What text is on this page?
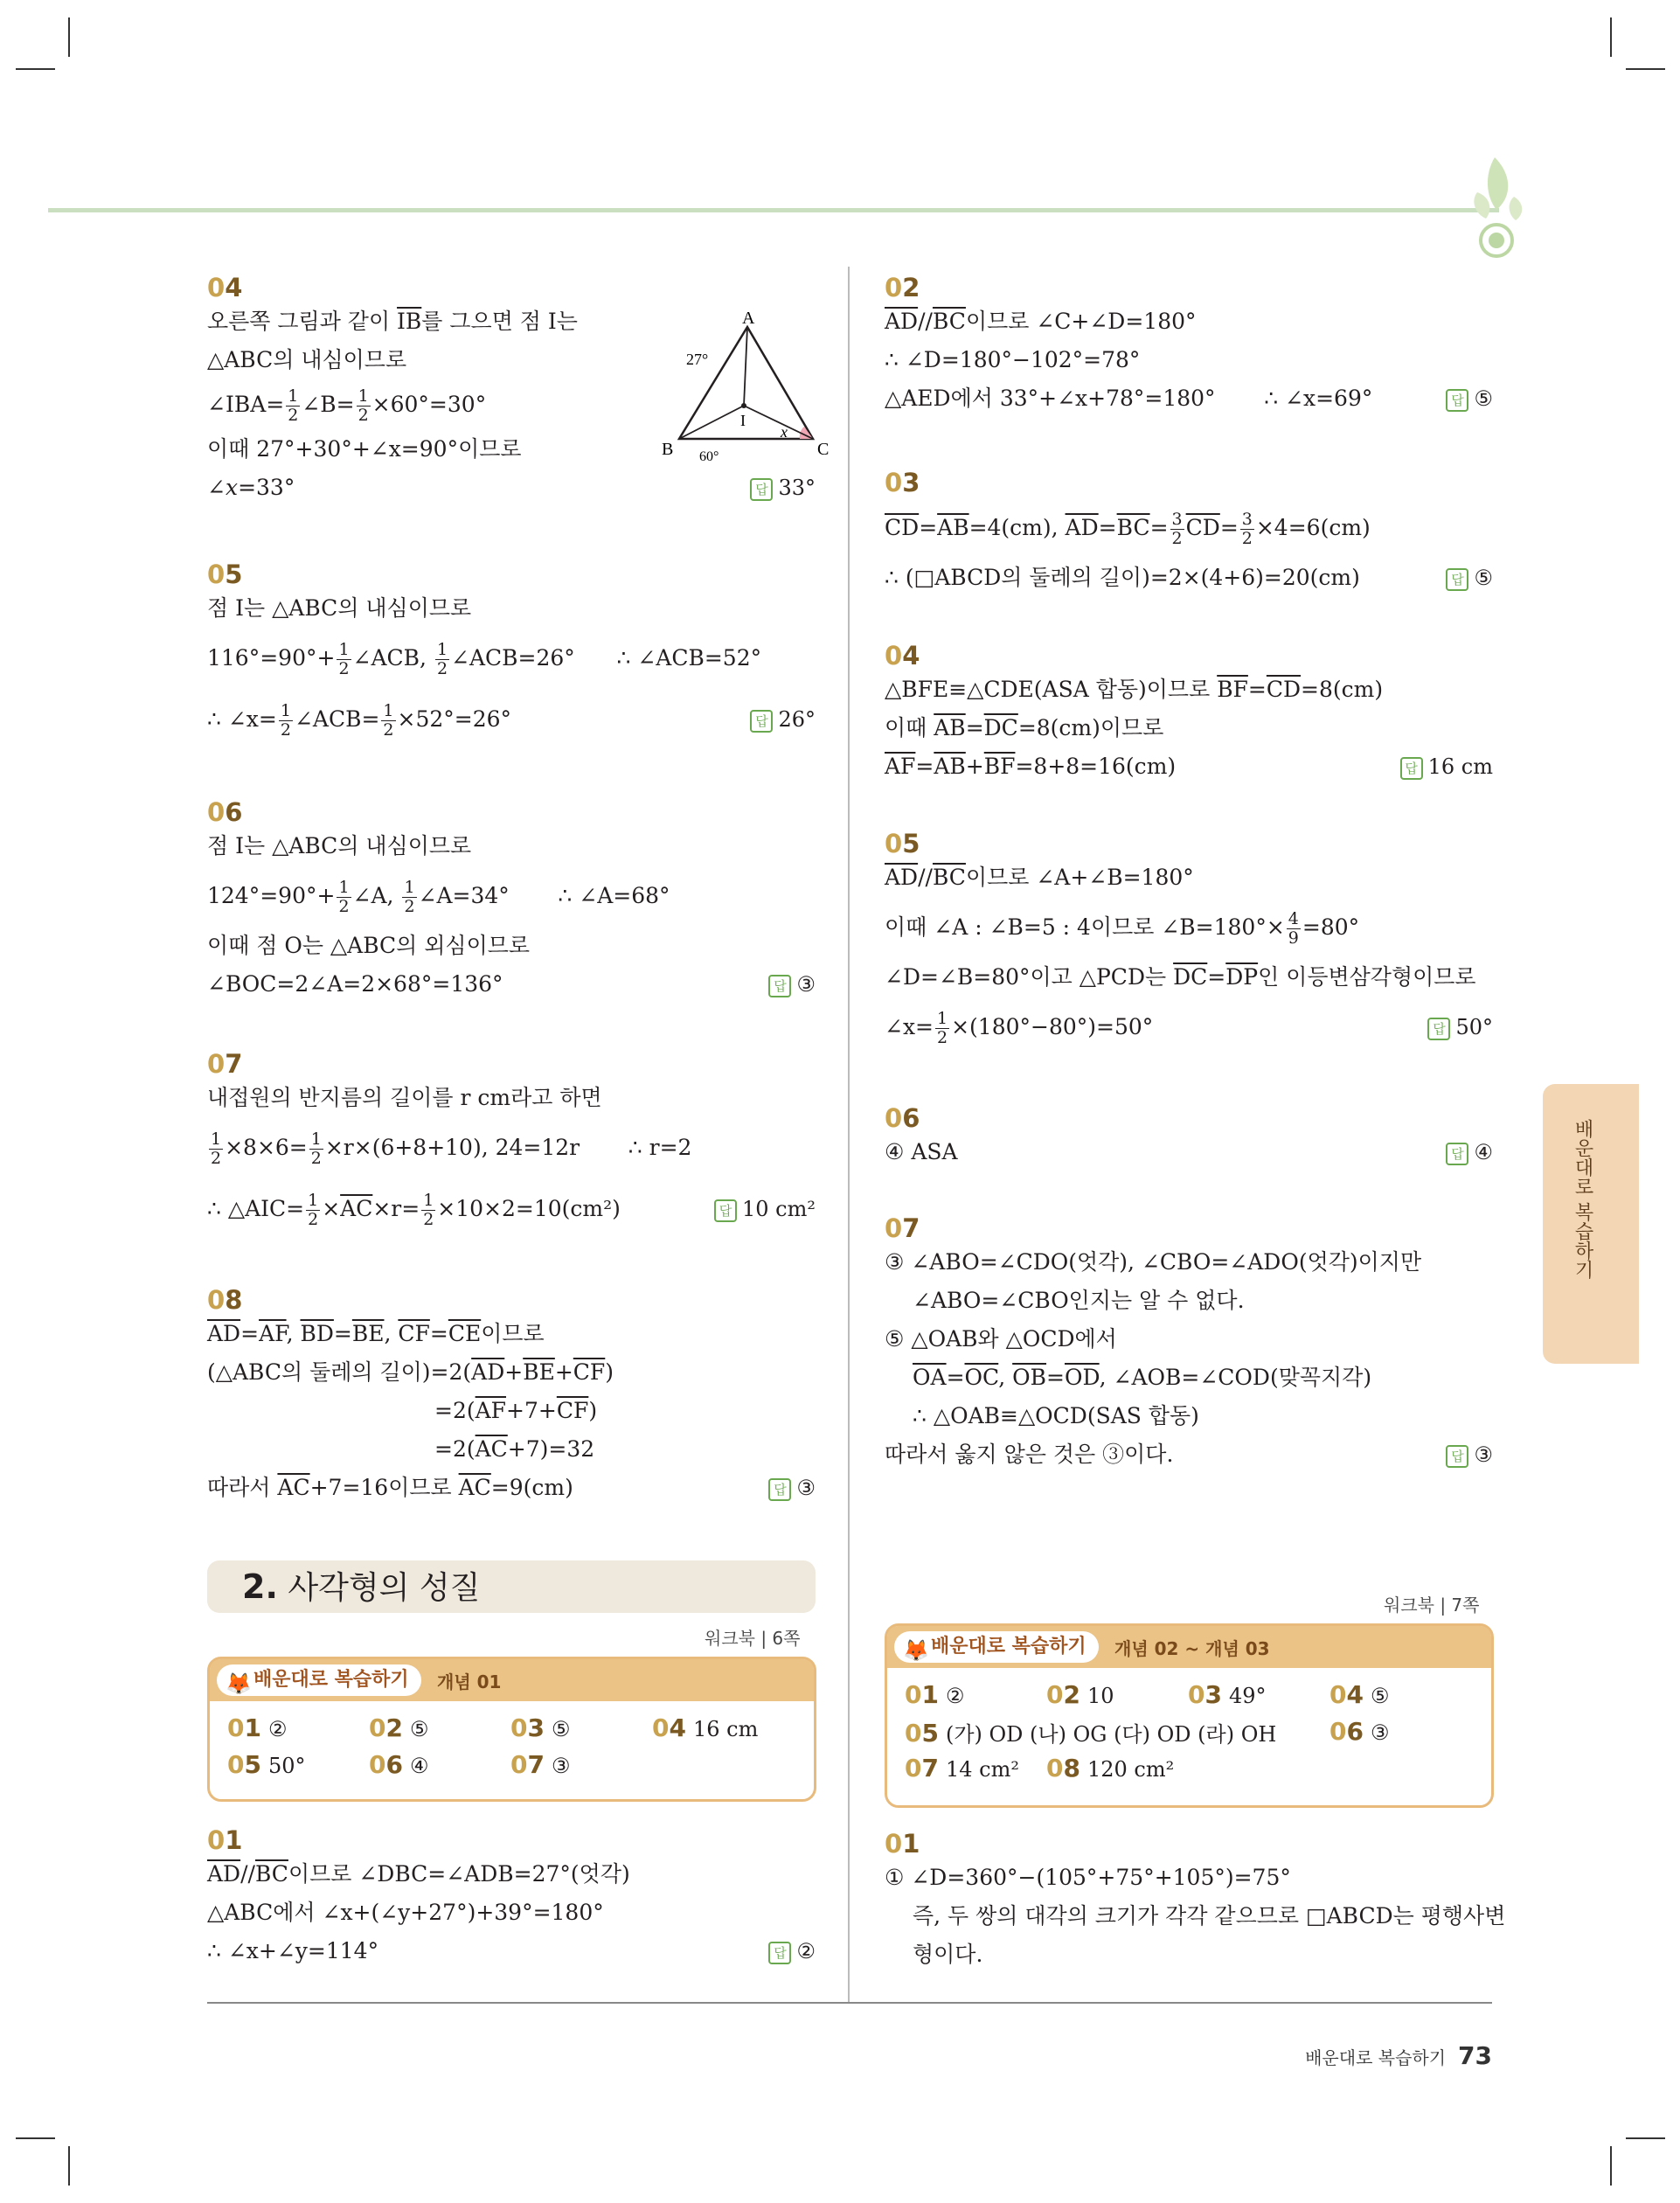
04
오른쪽 그림과 같이 $\overline{IB}$를 그으면 점 I는
△ABC의 내심이므로
∠IBA= $\frac{1}{2}$ ∠B= $\frac{1}{2} \times 60^\circ=30^\circ$
이때 27°+30°+∠x=90°이므로
∠x=33°	답 33°
A
B	C
I
27°
60°
x
05
점 I는 △ABC의 내심이므로
$116^\circ=90^\circ+ \frac{1}{2}$ ∠ACB, $\frac{1}{2}$ ∠ACB=26°      ∴ ∠ACB=52°
∴ ∠x= $\frac{1}{2}$ ∠ACB= $\frac{1}{2} \times 52^\circ=26^\circ$	답 26°
06
점 I는 △ABC의 내심이므로
$124^\circ=90^\circ+ \frac{1}{2}$ ∠A, $\frac{1}{2}$ ∠A=34°       ∴ ∠A=68°
이때 점 O는 △ABC의 외심이므로
∠BOC=2∠A=2×68°=136°	답 ③
07
내접원의 반지름의 길이를 r cm라고 하면
$\frac{1}{2} \times 8\times 6= \frac{1}{2} \times r\times(6+8+10)$, 24=12r       ∴ r=2
∴ △AIC= $\frac{1}{2} \times\overline{AC}\times r= \frac{1}{2} \times 10\times 2=10(cm^2)$	답 10 cm²
08
$\overline{AD}=\overline{AF}$, $\overline{BD}=\overline{BE}$, $\overline{CF}=\overline{CE}$이므로
(△ABC의 둘레의 길이)$=2(\overline{AD}+\overline{BE}+\overline{CF})$
$=2(\overline{AF}+7+\overline{CF})$
$=2(\overline{AC}+7)=32$
따라서 $\overline{AC}+7=16$이므로 $\overline{AC}=9(cm)$	답 ③
2. 사각형의 성질
워크북 | 6쪽
🦊 배운대로 복습하기	개념 01
01 ②	02 ⑤	03 ⑤	04 16 cm
05 50°	06 ④	07 ③
01
$\overline{AD}//\overline{BC}$이므로 ∠DBC=∠ADB=27°(엇각)
△ABC에서 ∠x+(∠y+27°)+39°=180°
∴ ∠x+∠y=114°	답 ②
02
$\overline{AD}//\overline{BC}$이므로 ∠C+∠D=180°
∴ ∠D=180°−102°=78°
△AED에서 33°+∠x+78°=180° ∴ ∠x=69°	답 ⑤
03
$\overline{CD}=\overline{AB}=4(cm)$, $\overline{AD}=\overline{BC}= \frac{3}{2} \overline{CD}= \frac{3}{2} \times 4=6(cm)$
∴ (□ABCD의 둘레의 길이)=2×(4+6)=20(cm)	답 ⑤
04
△BFE≡△CDE(ASA 합동)이므로 $\overline{BF}=\overline{CD}=8(cm)$
이때 $\overline{AB}=\overline{DC}=8(cm)$이므로
$\overline{AF}=\overline{AB}+\overline{BF}=8+8=16(cm)$	답 16 cm
05
$\overline{AD}//\overline{BC}$이므로 ∠A+∠B=180°
이때 ∠A : ∠B=5 : 4이므로 ∠B=180°× $\frac{4}{9} =80^\circ$
∠D=∠B=80°이고 △PCD는 $\overline{DC}=\overline{DP}$인 이등변삼각형이므로
∠x= $\frac{1}{2} \times(180^\circ-80^\circ)=50^\circ$	답 50°
06
④ ASA	답 ④
07
③ ∠ABO=∠CDO(엇각), ∠CBO=∠ADO(엇각)이지만
∠ABO=∠CBO인지는 알 수 없다.
⑤ △OAB와 △OCD에서
$\overline{OA}=\overline{OC}$, $\overline{OB}=\overline{OD}$, ∠AOB=∠COD(맞꼭지각)
∴ △OAB≡△OCD(SAS 합동)
따라서 옳지 않은 것은 ③이다.	답 ③
워크북 | 7쪽
🦊 배운대로 복습하기	개념 02 ~ 개념 03
01 ②	02 10	03 49°	04 ⑤
05 (가) OD (나) OG (다) OD (라) OH 06 ③
07 14 cm² 08 120 cm²
01
① ∠D=360°−(105°+75°+105°)=75°
즉, 두 쌍의 대각의 크기가 각각 같으므로 □ABCD는 평행사변
형이다.
배운대로 복습하기
배운대로 복습하기 73
